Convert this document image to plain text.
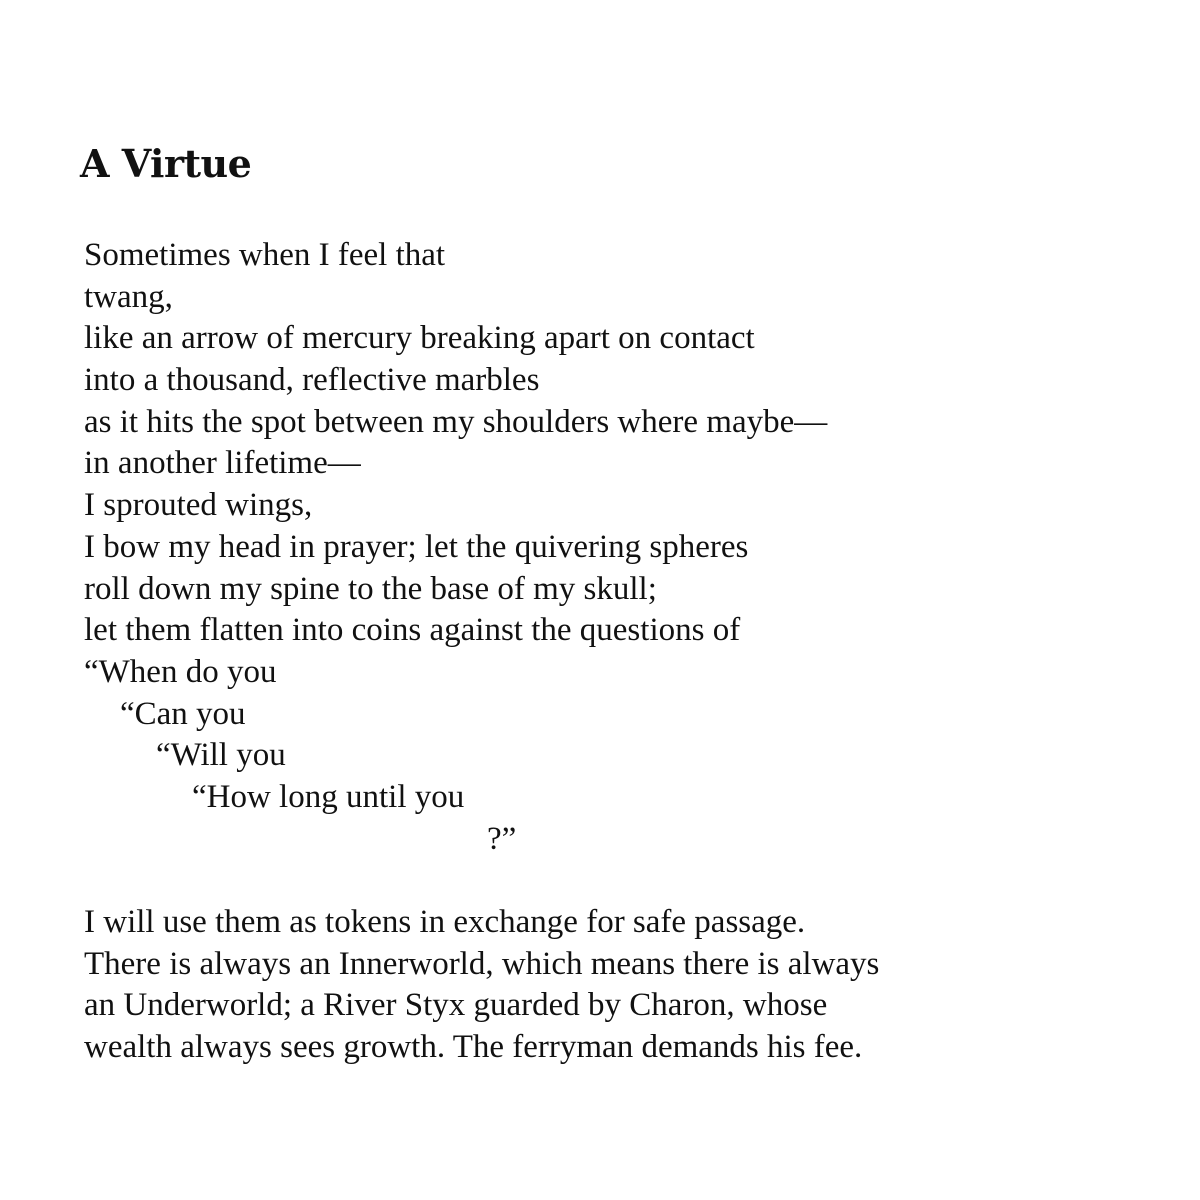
A Virtue
Sometimes when I feel that
twang,
like an arrow of mercury breaking apart on contact
into a thousand, reflective marbles
as it hits the spot between my shoulders where maybe—
in another lifetime—
I sprouted wings,
I bow my head in prayer; let the quivering spheres
roll down my spine to the base of my skull;
let them flatten into coins against the questions of
“When do you
“Can you
“Will you
“How long until you
?”
I will use them as tokens in exchange for safe passage.
There is always an Innerworld, which means there is always
an Underworld; a River Styx guarded by Charon, whose
wealth always sees growth. The ferryman demands his fee.
